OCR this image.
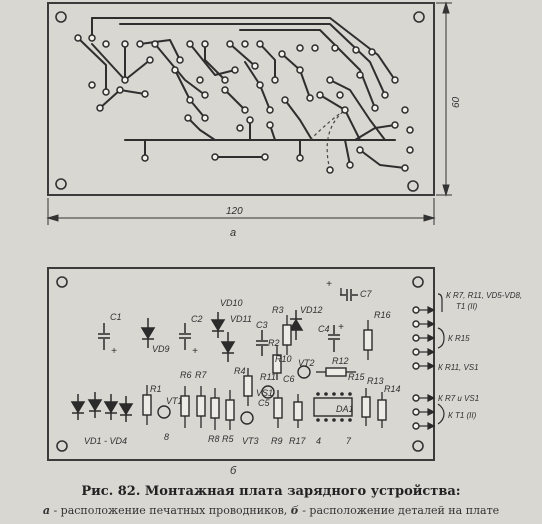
120
60
а
+	+
+
+
C1	C2
C3	C4
C5
C6
C7
VD9
VD10
VD11
VD12
VD1 - VD4
R1
R2
R3
R4
R5
R6 R7
R8	R9
R10
R11
R12
R13
R14
R15
R16
R17
VT1
VT2
VT3
VS1
DA1
8	4	7
К R7, R11, VD5-VD8,
Т1 (II)
К R15
К R11, VS1
К R7 и VS1
К Т1 (II)
б
Рис. 82. Монтажная плата зарядного устройства:
а - расположение печатных проводников, б - расположение деталей на плате
